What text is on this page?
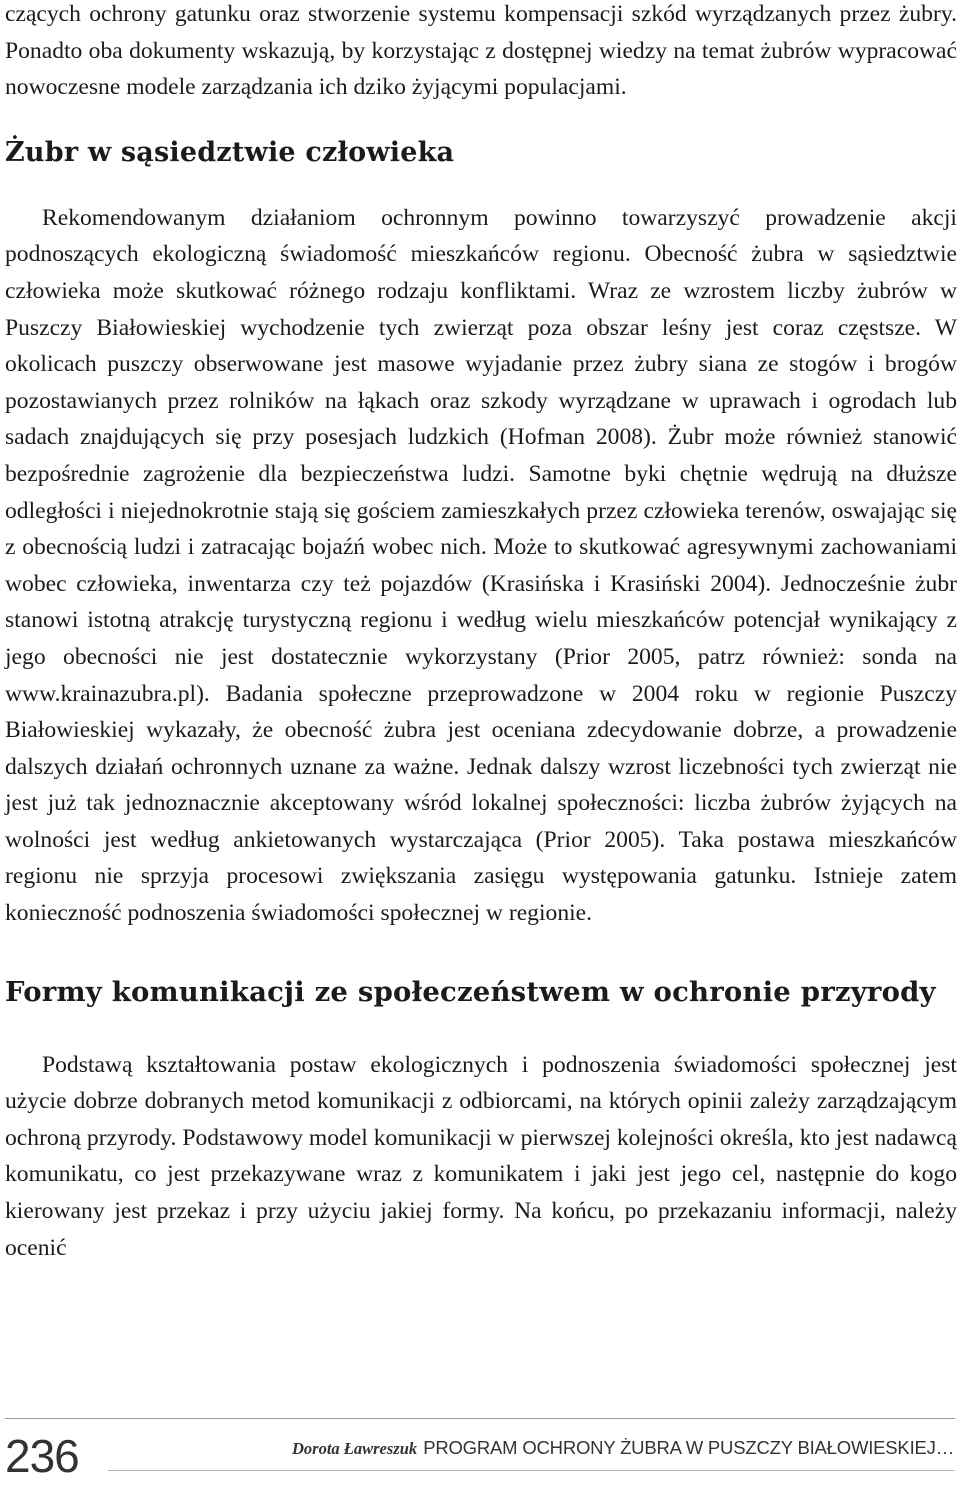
czących ochrony gatunku oraz stworzenie systemu kompensacji szkód wyrządzanych przez żubry. Ponadto oba dokumenty wskazują, by korzystając z dostępnej wiedzy na temat żubrów wypracować nowoczesne modele zarządzania ich dziko żyjącymi populacjami.

Żubr w sąsiedztwie człowieka

Rekomendowanym działaniom ochronnym powinno towarzyszyć prowadzenie akcji podnoszących ekologiczną świadomość mieszkańców regionu. Obecność żubra w sąsiedztwie człowieka może skutkować różnego rodzaju konfliktami. Wraz ze wzrostem liczby żubrów w Puszczy Białowieskiej wychodzenie tych zwierząt poza obszar leśny jest coraz częstsze. W okolicach puszczy obserwowane jest masowe wyjadanie przez żubry siana ze stogów i brogów pozostawianych przez rolników na łąkach oraz szkody wyrządzane w uprawach i ogrodach lub sadach znajdujących się przy posesjach ludzkich (Hofman 2008). Żubr może również stanowić bezpośrednie zagrożenie dla bezpieczeństwa ludzi. Samotne byki chętnie wędrują na dłuższe odległości i niejednokrotnie stają się gościem zamieszkałych przez człowieka terenów, oswajając się z obecnością ludzi i zatracając bojaźń wobec nich. Może to skutkować agresywnymi zachowaniami wobec człowieka, inwentarza czy też pojazdów (Krasińska i Krasiński 2004). Jednocześnie żubr stanowi istotną atrakcję turystyczną regionu i według wielu mieszkańców potencjał wynikający z jego obecności nie jest dostatecznie wykorzystany (Prior 2005, patrz również: sonda na www.krainazubra.pl). Badania społeczne przeprowadzone w 2004 roku w regionie Puszczy Białowieskiej wykazały, że obecność żubra jest oceniana zdecydowanie dobrze, a prowadzenie dalszych działań ochronnych uznane za ważne. Jednak dalszy wzrost liczebności tych zwierząt nie jest już tak jednoznacznie akceptowany wśród lokalnej społeczności: liczba żubrów żyjących na wolności jest według ankietowanych wystarczająca (Prior 2005). Taka postawa mieszkańców regionu nie sprzyja procesowi zwiększania zasięgu występowania gatunku. Istnieje zatem konieczność podnoszenia świadomości społecznej w regionie.

Formy komunikacji ze społeczeństwem w ochronie przyrody

Podstawą kształtowania postaw ekologicznych i podnoszenia świadomości społecznej jest użycie dobrze dobranych metod komunikacji z odbiorcami, na których opinii zależy zarządzającym ochroną przyrody. Podstawowy model komunikacji w pierwszej kolejności określa, kto jest nadawcą komunikatu, co jest przekazywane wraz z komunikatem i jaki jest jego cel, następnie do kogo kierowany jest przekaz i przy użyciu jakiej formy. Na końcu, po przekazaniu informacji, należy ocenić

236	Dorota Ławreszuk PROGRAM OCHRONY ŻUBRA W PUSZCZY BIAŁOWIESKIEJ…
